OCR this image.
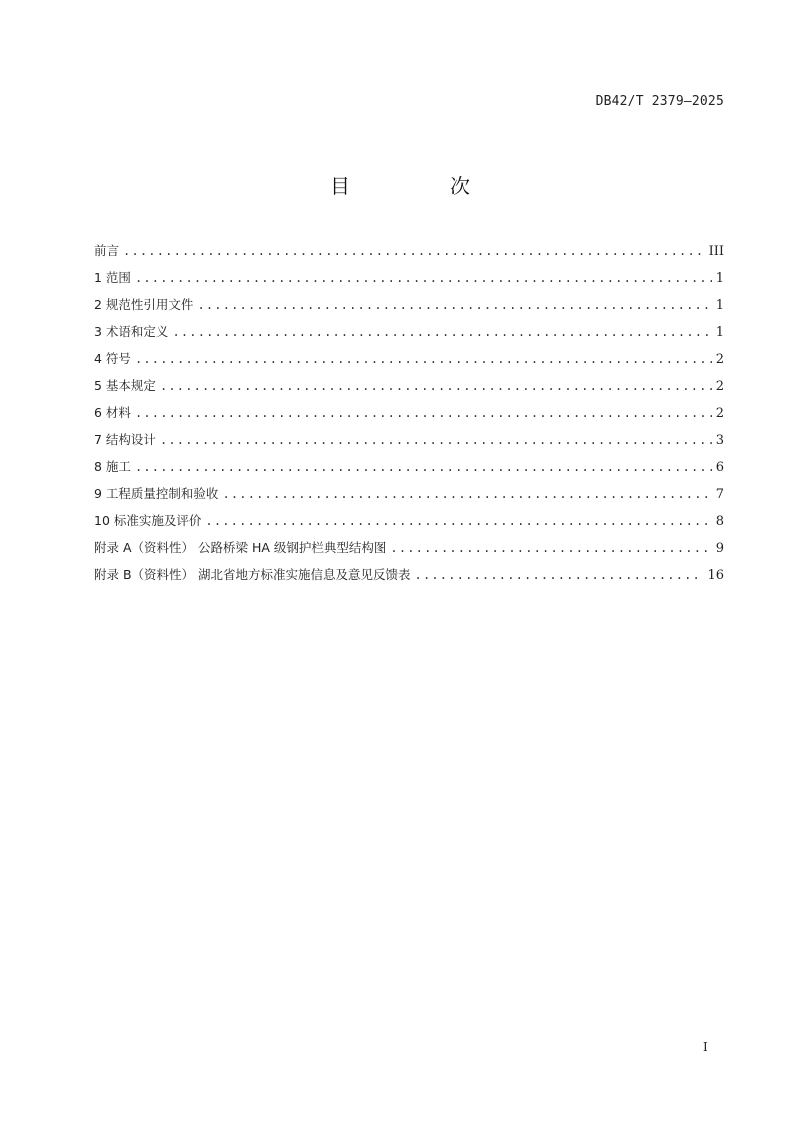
DB42/T 2379—2025
目　次
前言 .....	III
1 范围 .....	1
2 规范性引用文件 .....	1
3 术语和定义 .....	1
4 符号 .....	2
5 基本规定 .....	2
6 材料 .....	2
7 结构设计 .....	3
8 施工 .....	6
9 工程质量控制和验收 .....	7
10 标准实施及评价 .....	8
附录 A（资料性） 公路桥梁 HA 级钢护栏典型结构图 .....	9
附录 B（资料性） 湖北省地方标准实施信息及意见反馈表 .....	16
I
